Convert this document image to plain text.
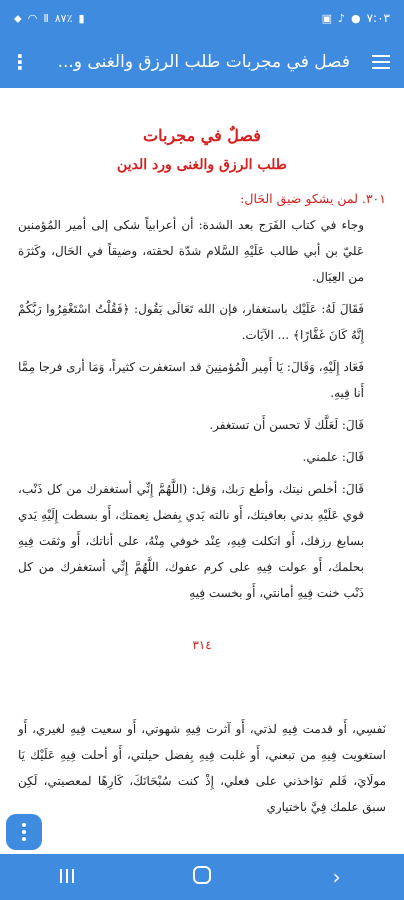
⬥ ◠ Ⅱ ٨٧٪ ▮	▣ ♪ ● ٧:٠٣
⋮	فصل في مجربات طلب الرزق والغنى و...
فصلٌ في مجربات
طلب الرزق والغنى ورد الدين
٣٠١. لمن يشكو ضيق الحَال:

وجاء في كتاب الفَرَج بعد الشدة: أن أعرابياً شكى إلى أمير المُؤمنين عَليّ بن أبي طالب عَلَيْهِ السَّلام شدّة لحقته، وضيقاً في الحَال، وكَثرَة من العِيَال.

فَقَالَ لَهُ: عَلَيْك باستغفار، فإن الله تَعَالَى يَقُول: ﴿فَقُلْتُ اسْتَغْفِرُوا رَبَّكُمْ إِنَّهُ كَانَ غَفَّارًا﴾ ... الآيَات.

فَعَاد إِلَيْهِ، وَقَالَ: يَا أَمِير الْمُؤمنِينَ قد استغفرت كثيراً، وَمَا أرى فرجا مِمَّا أَنا فِيهِ.

قَالَ: لَعَلَّك لَا تحسن أَن تستغفر.

قَالَ: علمني.

قَالَ: أخلص نيتك، وأطع رَبك، وَقل: (اللَّهُمَّ إِنِّي أستغفرك من كل ذَنْب، قوي عَلَيْهِ بدني بعافيتك، أَو نالته يَدي بِفضل نِعمتك، أَو بسطت إِلَيْهِ يَدي بسابغ رزقك، أَو اتكلت فِيهِ، عِنْد خوفي مِنْهُ، على أناتك، أَو وثقت فِيهِ بحلمك، أَو عولت فِيهِ على كرم عفوك، اللَّهُمَّ إِنِّي أستغفرك من كل ذَنْب خنت فِيهِ أمانتي، أَو بخست فِيهِ

٣١٤

نَفسِي، أَو قدمت فِيهِ لذتي، أَو آثرت فِيهِ شهوتي، أَو سعيت فِيهِ لغيري، أَو استغويت فِيهِ من تبعني، أَو غلبت فِيهِ بِفضل حيلتي، أَو أحلت فِيهِ عَلَيْك يَا مولَايَ، فَلم تؤاخذني على فعلي، إِذْ كنت سُبْحَانَكَ، كَارِهًا لمعصيتي، لَكِن سبق علمك فِيَّ باختياري

›
